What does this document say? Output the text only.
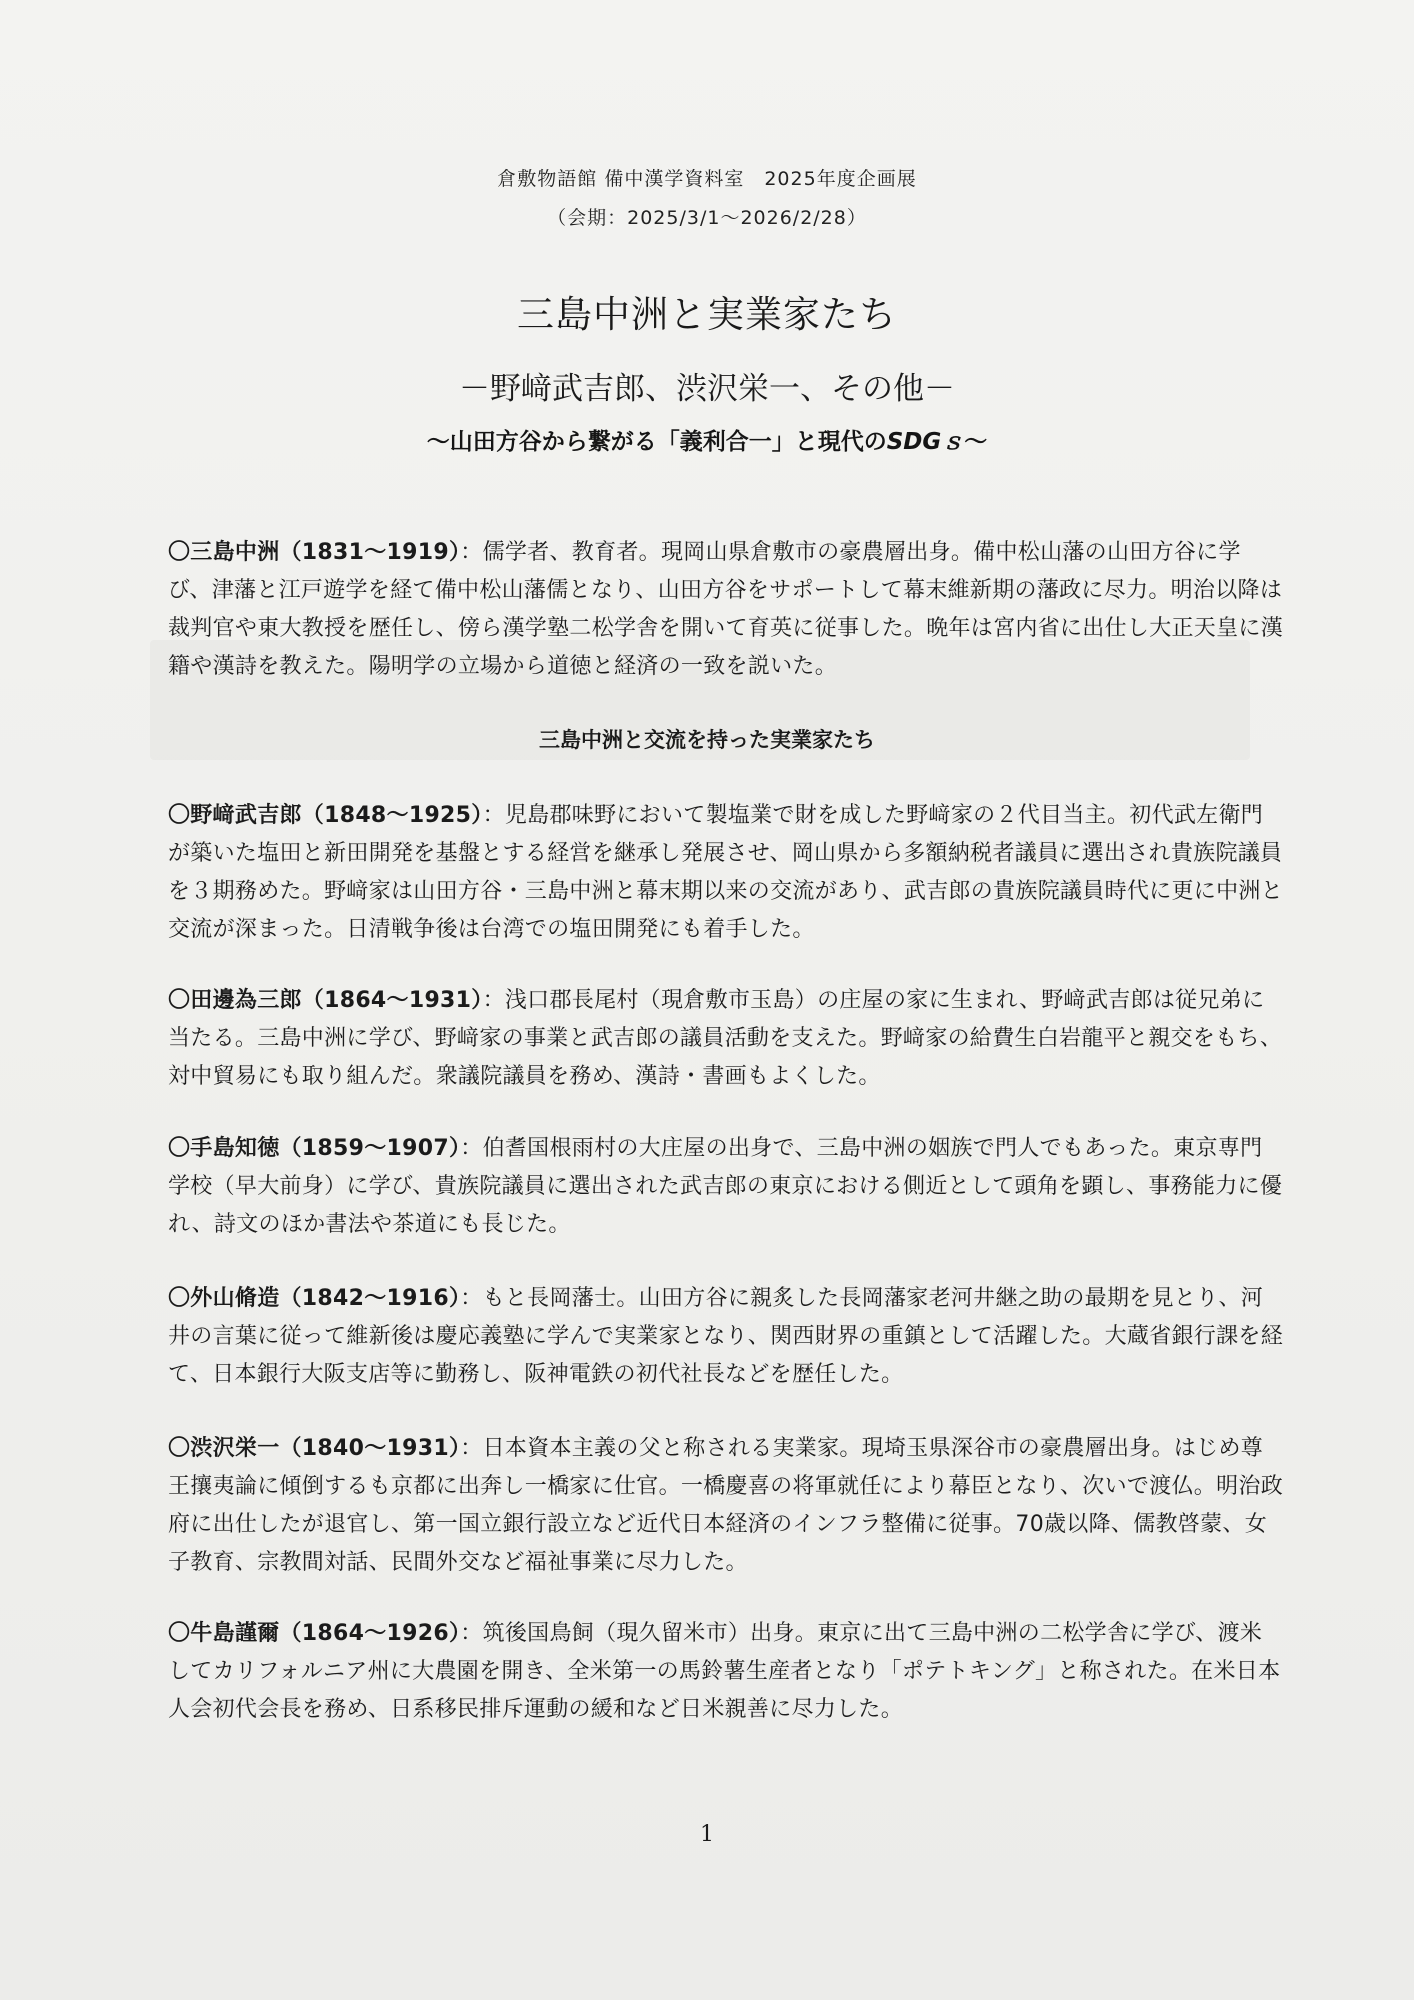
倉敷物語館 備中漢学資料室　2025年度企画展
（会期：2025/3/1～2026/2/28）
三島中洲と実業家たち
－野﨑武吉郎、渋沢栄一、その他－
～山田方谷から繋がる「義利合一」と現代のSDGｓ～
〇三島中洲（1831～1919）：儒学者、教育者。現岡山県倉敷市の豪農層出身。備中松山藩の山田方谷に学び、津藩と江戸遊学を経て備中松山藩儒となり、山田方谷をサポートして幕末維新期の藩政に尽力。明治以降は裁判官や東大教授を歴任し、傍ら漢学塾二松学舎を開いて育英に従事した。晩年は宮内省に出仕し大正天皇に漢籍や漢詩を教えた。陽明学の立場から道徳と経済の一致を説いた。
三島中洲と交流を持った実業家たち
〇野﨑武吉郎（1848～1925）：児島郡味野において製塩業で財を成した野﨑家の２代目当主。初代武左衛門が築いた塩田と新田開発を基盤とする経営を継承し発展させ、岡山県から多額納税者議員に選出され貴族院議員を３期務めた。野﨑家は山田方谷・三島中洲と幕末期以来の交流があり、武吉郎の貴族院議員時代に更に中洲と交流が深まった。日清戦争後は台湾での塩田開発にも着手した。
〇田邊為三郎（1864～1931）：浅口郡長尾村（現倉敷市玉島）の庄屋の家に生まれ、野﨑武吉郎は従兄弟に当たる。三島中洲に学び、野﨑家の事業と武吉郎の議員活動を支えた。野﨑家の給費生白岩龍平と親交をもち、対中貿易にも取り組んだ。衆議院議員を務め、漢詩・書画もよくした。
〇手島知徳（1859～1907）：伯耆国根雨村の大庄屋の出身で、三島中洲の姻族で門人でもあった。東京専門学校（早大前身）に学び、貴族院議員に選出された武吉郎の東京における側近として頭角を顕し、事務能力に優れ、詩文のほか書法や茶道にも長じた。
〇外山脩造（1842～1916）：もと長岡藩士。山田方谷に親炙した長岡藩家老河井継之助の最期を見とり、河井の言葉に従って維新後は慶応義塾に学んで実業家となり、関西財界の重鎮として活躍した。大蔵省銀行課を経て、日本銀行大阪支店等に勤務し、阪神電鉄の初代社長などを歴任した。
〇渋沢栄一（1840～1931）：日本資本主義の父と称される実業家。現埼玉県深谷市の豪農層出身。はじめ尊王攘夷論に傾倒するも京都に出奔し一橋家に仕官。一橋慶喜の将軍就任により幕臣となり、次いで渡仏。明治政府に出仕したが退官し、第一国立銀行設立など近代日本経済のインフラ整備に従事。70歳以降、儒教啓蒙、女子教育、宗教間対話、民間外交など福祉事業に尽力した。
〇牛島謹爾（1864～1926）：筑後国鳥飼（現久留米市）出身。東京に出て三島中洲の二松学舎に学び、渡米してカリフォルニア州に大農園を開き、全米第一の馬鈴薯生産者となり「ポテトキング」と称された。在米日本人会初代会長を務め、日系移民排斥運動の緩和など日米親善に尽力した。
1
